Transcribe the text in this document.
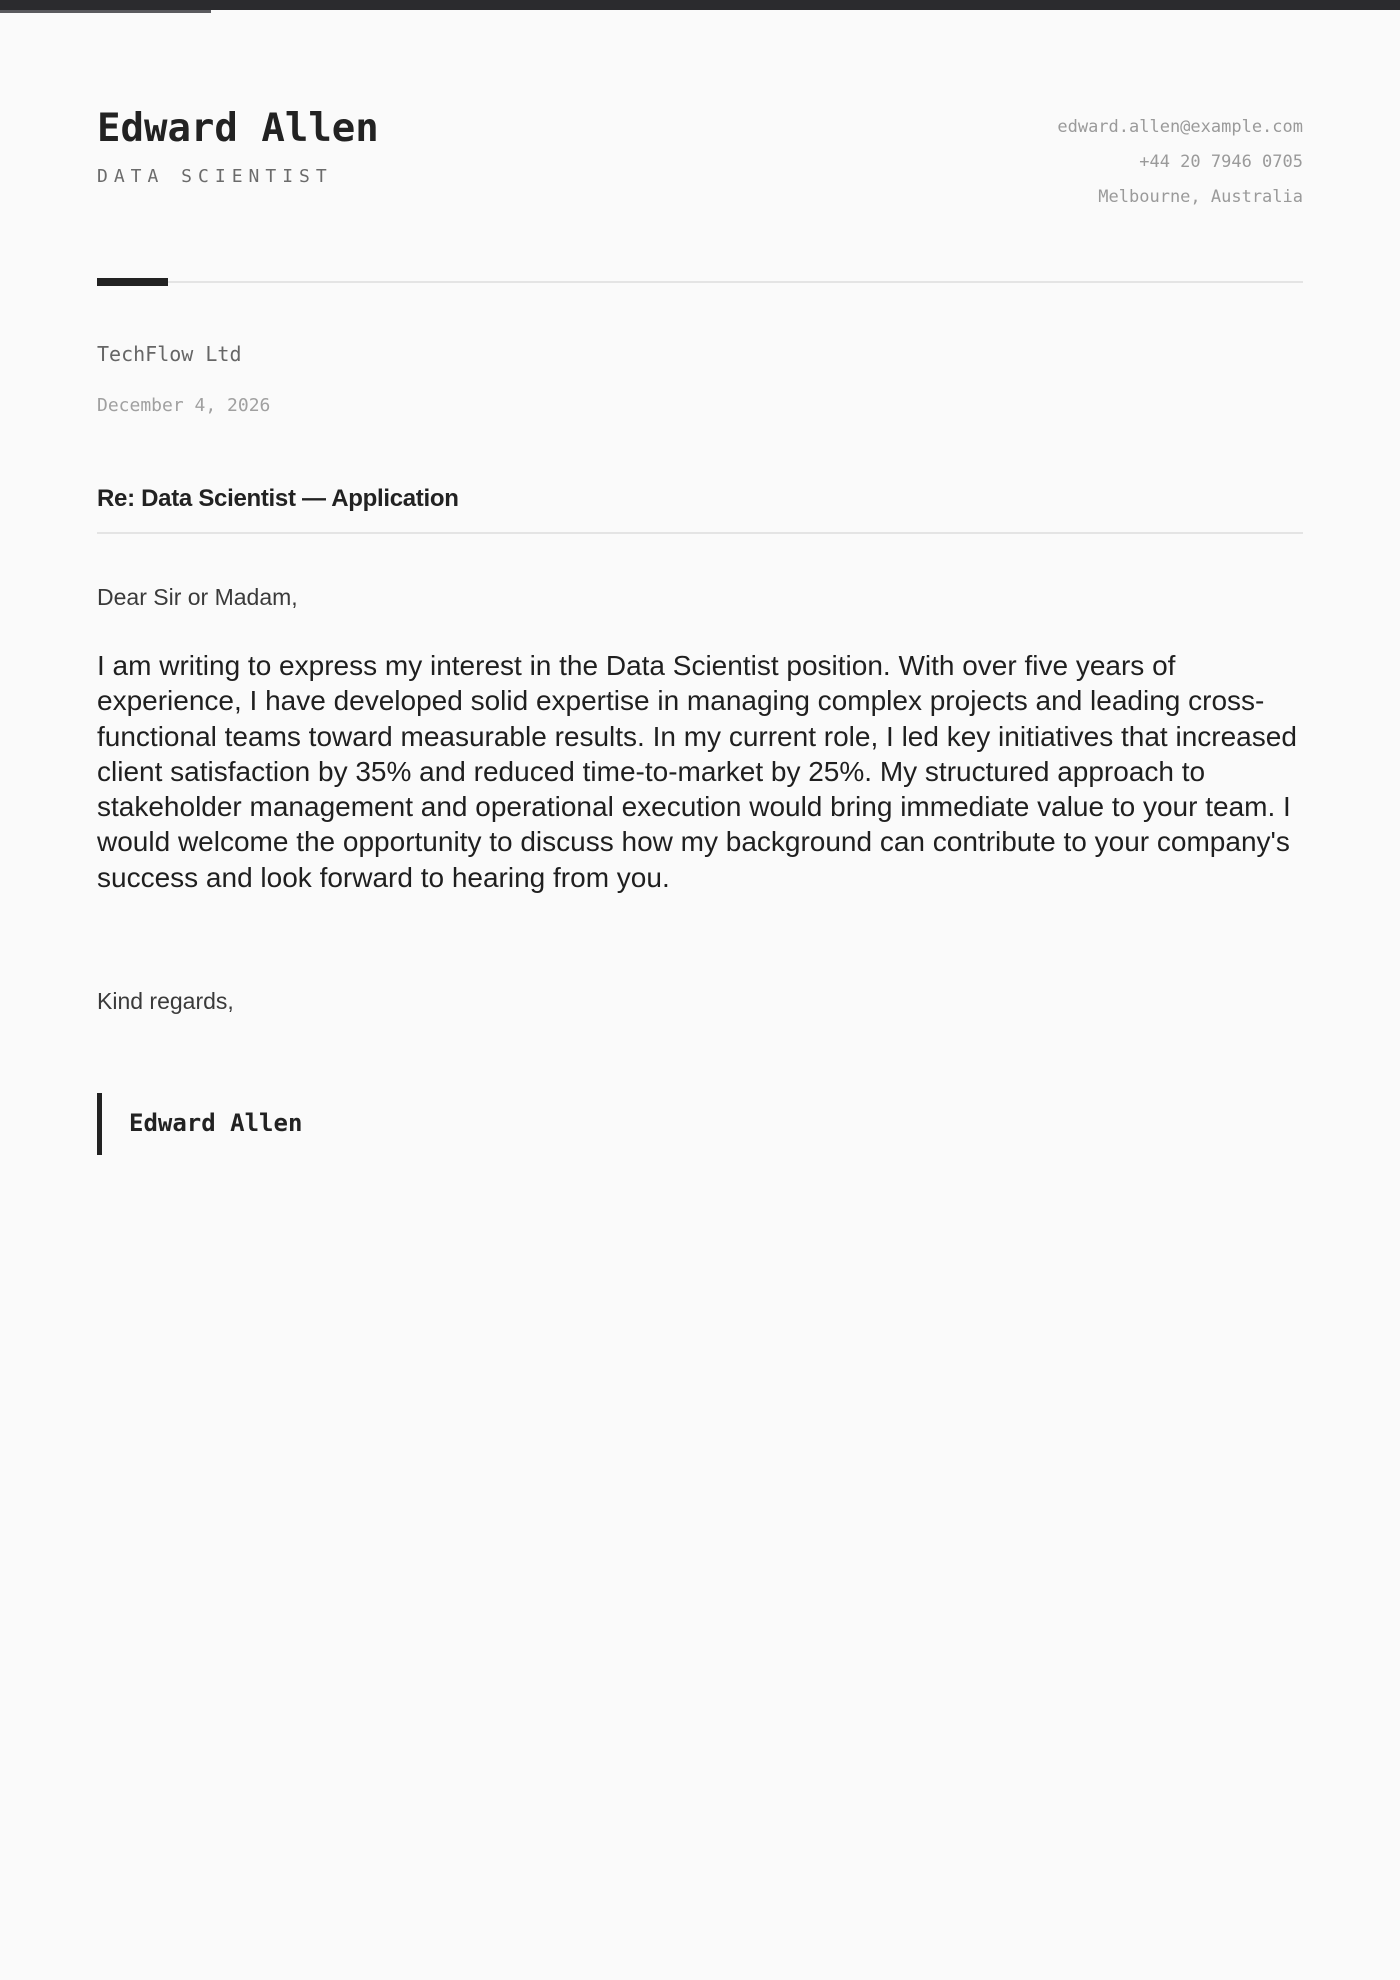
Edward Allen
DATA SCIENTIST
edward.allen@example.com
+44 20 7946 0705
Melbourne, Australia
TechFlow Ltd
December 4, 2026
Re: Data Scientist — Application
Dear Sir or Madam,

I am writing to express my interest in the Data Scientist position. With over five years of experience, I have developed solid expertise in managing complex projects and leading cross-functional teams toward measurable results. In my current role, I led key initiatives that increased client satisfaction by 35% and reduced time-to-market by 25%. My structured approach to stakeholder management and operational execution would bring immediate value to your team. I would welcome the opportunity to discuss how my background can contribute to your company's success and look forward to hearing from you.

Kind regards,
Edward Allen
